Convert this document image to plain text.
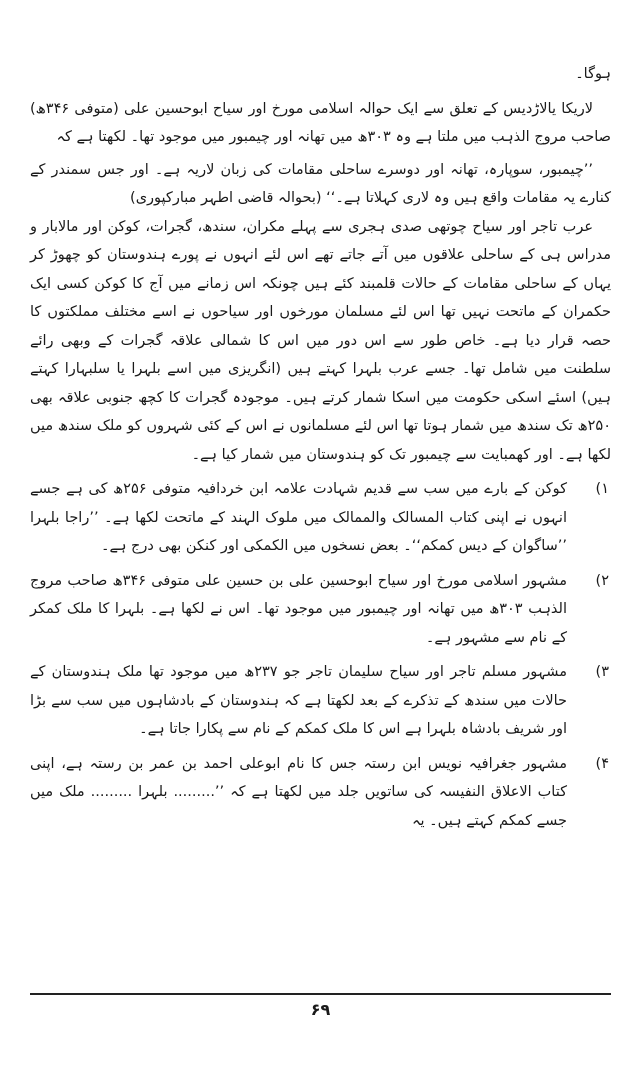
ہوگا۔

لاریکا یالاڑدیس کے تعلق سے ایک حوالہ اسلامی مورخ اور سیاح ابوحسین علی (متوفی ۳۴۶ھ) صاحب مروج الذہب میں ملتا ہے وہ ۳۰۳ھ میں تھانہ اور چیمبور میں موجود تھا۔ لکھتا ہے کہ

’’چیمبور، سوپارہ، تھانہ اور دوسرے ساحلی مقامات کی زبان لاریہ ہے۔ اور جس سمندر کے کنارے یہ مقامات واقع ہیں وہ لاری کہلاتا ہے۔‘‘ (بحوالہ قاضی اطہر مبارکپوری)

عرب تاجر اور سیاح چوتھی صدی ہجری سے پہلے مکران، سندھ، گجرات، کوکن اور مالابار و مدراس ہی کے ساحلی علاقوں میں آتے جاتے تھے اس لئے انہوں نے پورے ہندوستان کو چھوڑ کر یہاں کے ساحلی مقامات کے حالات قلمبند کئے ہیں چونکہ اس زمانے میں آج کا کوکن کسی ایک حکمران کے ماتحت نہیں تھا اس لئے مسلمان مورخوں اور سیاحوں نے اسے مختلف مملکتوں کا حصہ قرار دیا ہے۔ خاص طور سے اس دور میں اس کا شمالی علاقہ گجرات کے وبھی رائے سلطنت میں شامل تھا۔ جسے عرب بلہرا کہتے ہیں (انگریزی میں اسے بلہرا یا سلبہارا کہتے ہیں) اسئے اسکی حکومت میں اسکا شمار کرتے ہیں۔ موجودہ گجرات کا کچھ جنوبی علاقہ بھی ۲۵۰ھ تک سندھ میں شمار ہوتا تھا اس لئے مسلمانوں نے اس کے کئی شہروں کو ملک سندھ میں لکھا ہے۔ اور کھمبایت سے چیمبور تک کو ہندوستان میں شمار کیا ہے۔

۱)
کوکن کے بارے میں سب سے قدیم شہادت علامہ ابن خردافیہ متوفی ۲۵۶ھ کی ہے جسے انہوں نے اپنی کتاب المسالک والممالک میں ملوک الہند کے ماتحت لکھا ہے۔ ’’راجا بلہرا ’’ساگوان کے دیس کمکم‘‘۔ بعض نسخوں میں الکمکی اور کنکن بھی درج ہے۔

۲)
مشہور اسلامی مورخ اور سیاح ابوحسین علی بن حسین علی متوفی ۳۴۶ھ صاحب مروج الذہب ۳۰۳ھ میں تھانہ اور چیمبور میں موجود تھا۔ اس نے لکھا ہے۔ بلہرا کا ملک کمکر کے نام سے مشہور ہے۔

۳)
مشہور مسلم تاجر اور سیاح سلیمان تاجر جو ۲۳۷ھ میں موجود تھا ملک ہندوستان کے حالات میں سندھ کے تذکرے کے بعد لکھتا ہے کہ ہندوستان کے بادشاہوں میں سب سے بڑا اور شریف بادشاہ بلہرا ہے اس کا ملک کمکم کے نام سے پکارا جاتا ہے۔

۴)
مشہور جغرافیہ نویس ابن رستہ جس کا نام ابوعلی احمد بن عمر بن رستہ ہے، اپنی کتاب الاعلاق النفیسہ کی ساتویں جلد میں لکھتا ہے کہ ’’......... بلہرا ......... ملک میں جسے کمکم کہتے ہیں۔ یہ

۶۹
